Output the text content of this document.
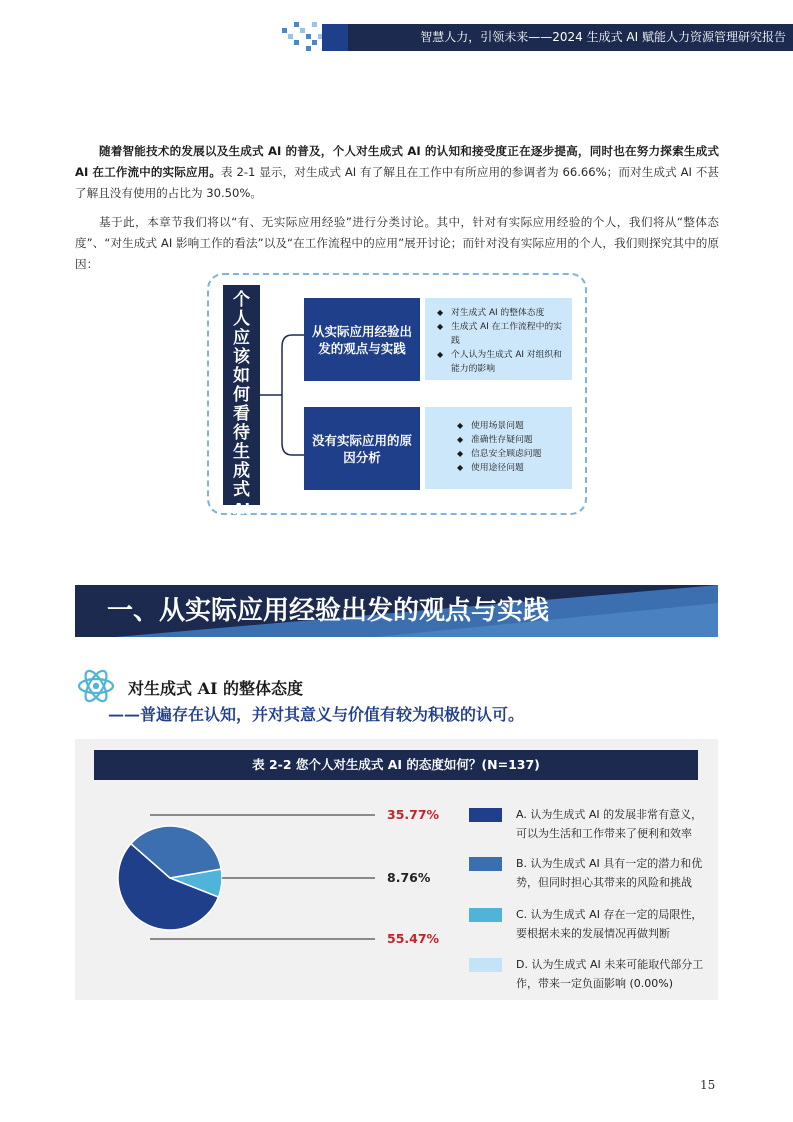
智慧人力，引领未来——2024 生成式 AI 赋能人力资源管理研究报告
随着智能技术的发展以及生成式 AI 的普及，个人对生成式 AI 的认知和接受度正在逐步提高，同时也在努力探索生成式 AI 在工作流中的实际应用。表 2-1 显示，对生成式 AI 有了解且在工作中有所应用的参调者为 66.66%；而对生成式 AI 不甚了解且没有使用的占比为 30.50%。
基于此，本章节我们将以“有、无实际应用经验”进行分类讨论。其中，针对有实际应用经验的个人，我们将从“整体态度”、“对生成式 AI 影响工作的看法”以及“在工作流程中的应用”展开讨论；而针对没有实际应用的个人，我们则探究其中的原因：
个
人
应
该
如
何
看
待
生
成
式
AI
从实际应用经验出发的观点与实践
◆ 对生成式 AI 的整体态度
◆ 生成式 AI 在工作流程中的实践
◆ 个人认为生成式 AI 对组织和能力的影响
没有实际应用的原因分析
◆ 使用场景问题
◆ 准确性存疑问题
◆ 信息安全顾虑问题
◆ 使用途径问题
一、从实际应用经验出发的观点与实践
对生成式 AI 的整体态度
——普遍存在认知，并对其意义与价值有较为积极的认可。
表 2-2 您个人对生成式 AI 的态度如何？(N=137)
35.77%
8.76%
55.47%
A. 认为生成式 AI 的发展非常有意义，
可以为生活和工作带来了便利和效率
B. 认为生成式 AI 具有一定的潜力和优
势，但同时担心其带来的风险和挑战
C. 认为生成式 AI 存在一定的局限性，
要根据未来的发展情况再做判断
D. 认为生成式 AI 未来可能取代部分工
作，带来一定负面影响 (0.00%)
15
